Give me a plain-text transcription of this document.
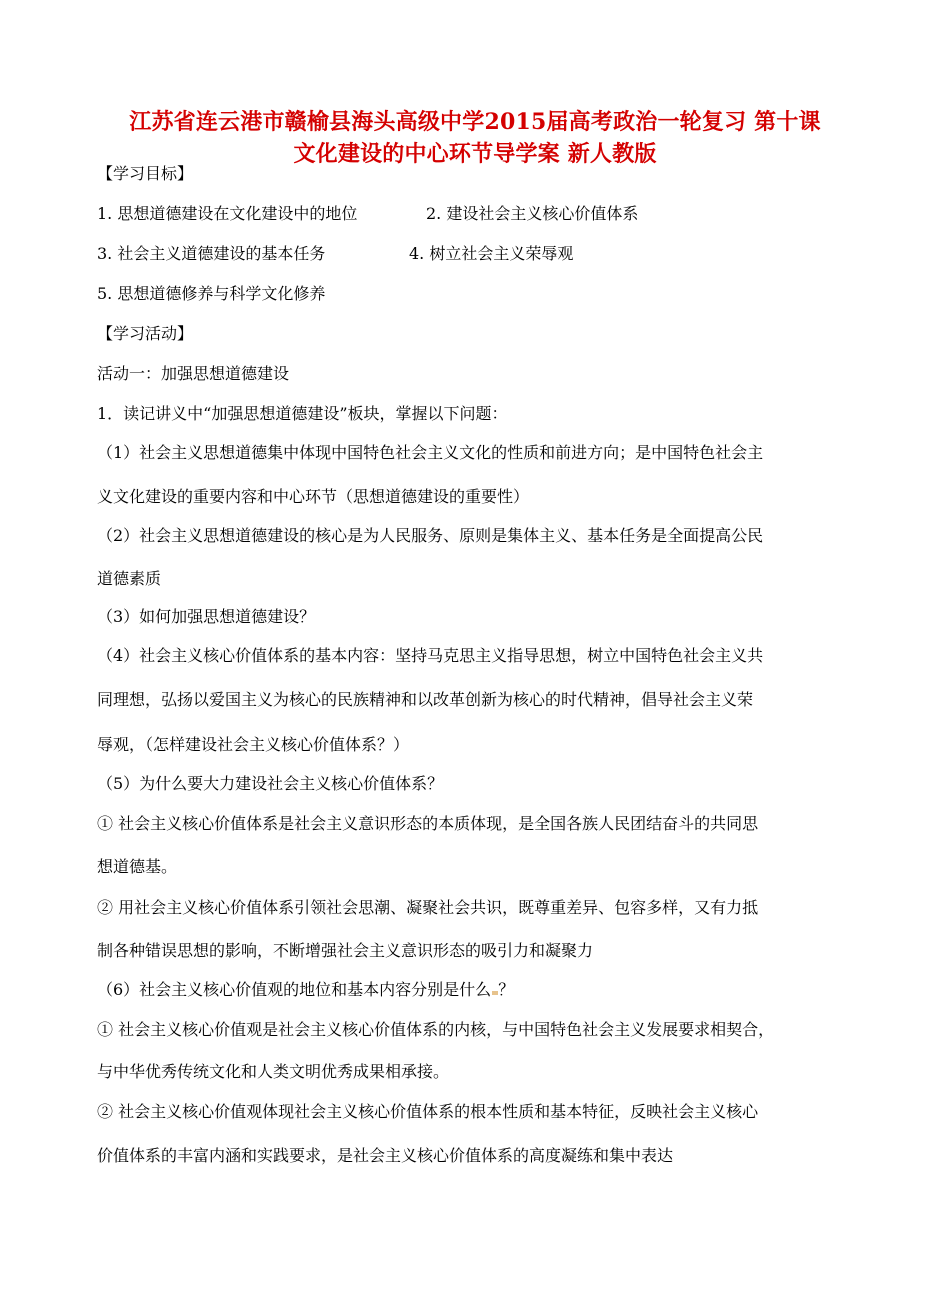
江苏省连云港市赣榆县海头高级中学2015届高考政治一轮复习 第十课
文化建设的中心环节导学案 新人教版
【学习目标】
1. 思想道德建设在文化建设中的地位	2. 建设社会主义核心价值体系
3. 社会主义道德建设的基本任务	4. 树立社会主义荣辱观
5. 思想道德修养与科学文化修养
【学习活动】
活动一：加强思想道德建设
1．读记讲义中“加强思想道德建设”板块，掌握以下问题：
（1）社会主义思想道德集中体现中国特色社会主义文化的性质和前进方向；是中国特色社会主
义文化建设的重要内容和中心环节（思想道德建设的重要性）
（2）社会主义思想道德建设的核心是为人民服务、原则是集体主义、基本任务是全面提高公民
道德素质
（3）如何加强思想道德建设？
（4）社会主义核心价值体系的基本内容：坚持马克思主义指导思想，树立中国特色社会主义共
同理想，弘扬以爱国主义为核心的民族精神和以改革创新为核心的时代精神，倡导社会主义荣
辱观，（怎样建设社会主义核心价值体系？）
（5）为什么要大力建设社会主义核心价值体系？
① 社会主义核心价值体系是社会主义意识形态的本质体现，是全国各族人民团结奋斗的共同思
想道德基。
② 用社会主义核心价值体系引领社会思潮、凝聚社会共识，既尊重差异、包容多样，又有力抵
制各种错误思想的影响，不断增强社会主义意识形态的吸引力和凝聚力
（6）社会主义核心价值观的地位和基本内容分别是什么 ？
① 社会主义核心价值观是社会主义核心价值体系的内核，与中国特色社会主义发展要求相契合，
与中华优秀传统文化和人类文明优秀成果相承接。
② 社会主义核心价值观体现社会主义核心价值体系的根本性质和基本特征，反映社会主义核心
价值体系的丰富内涵和实践要求，是社会主义核心价值体系的高度凝练和集中表达
